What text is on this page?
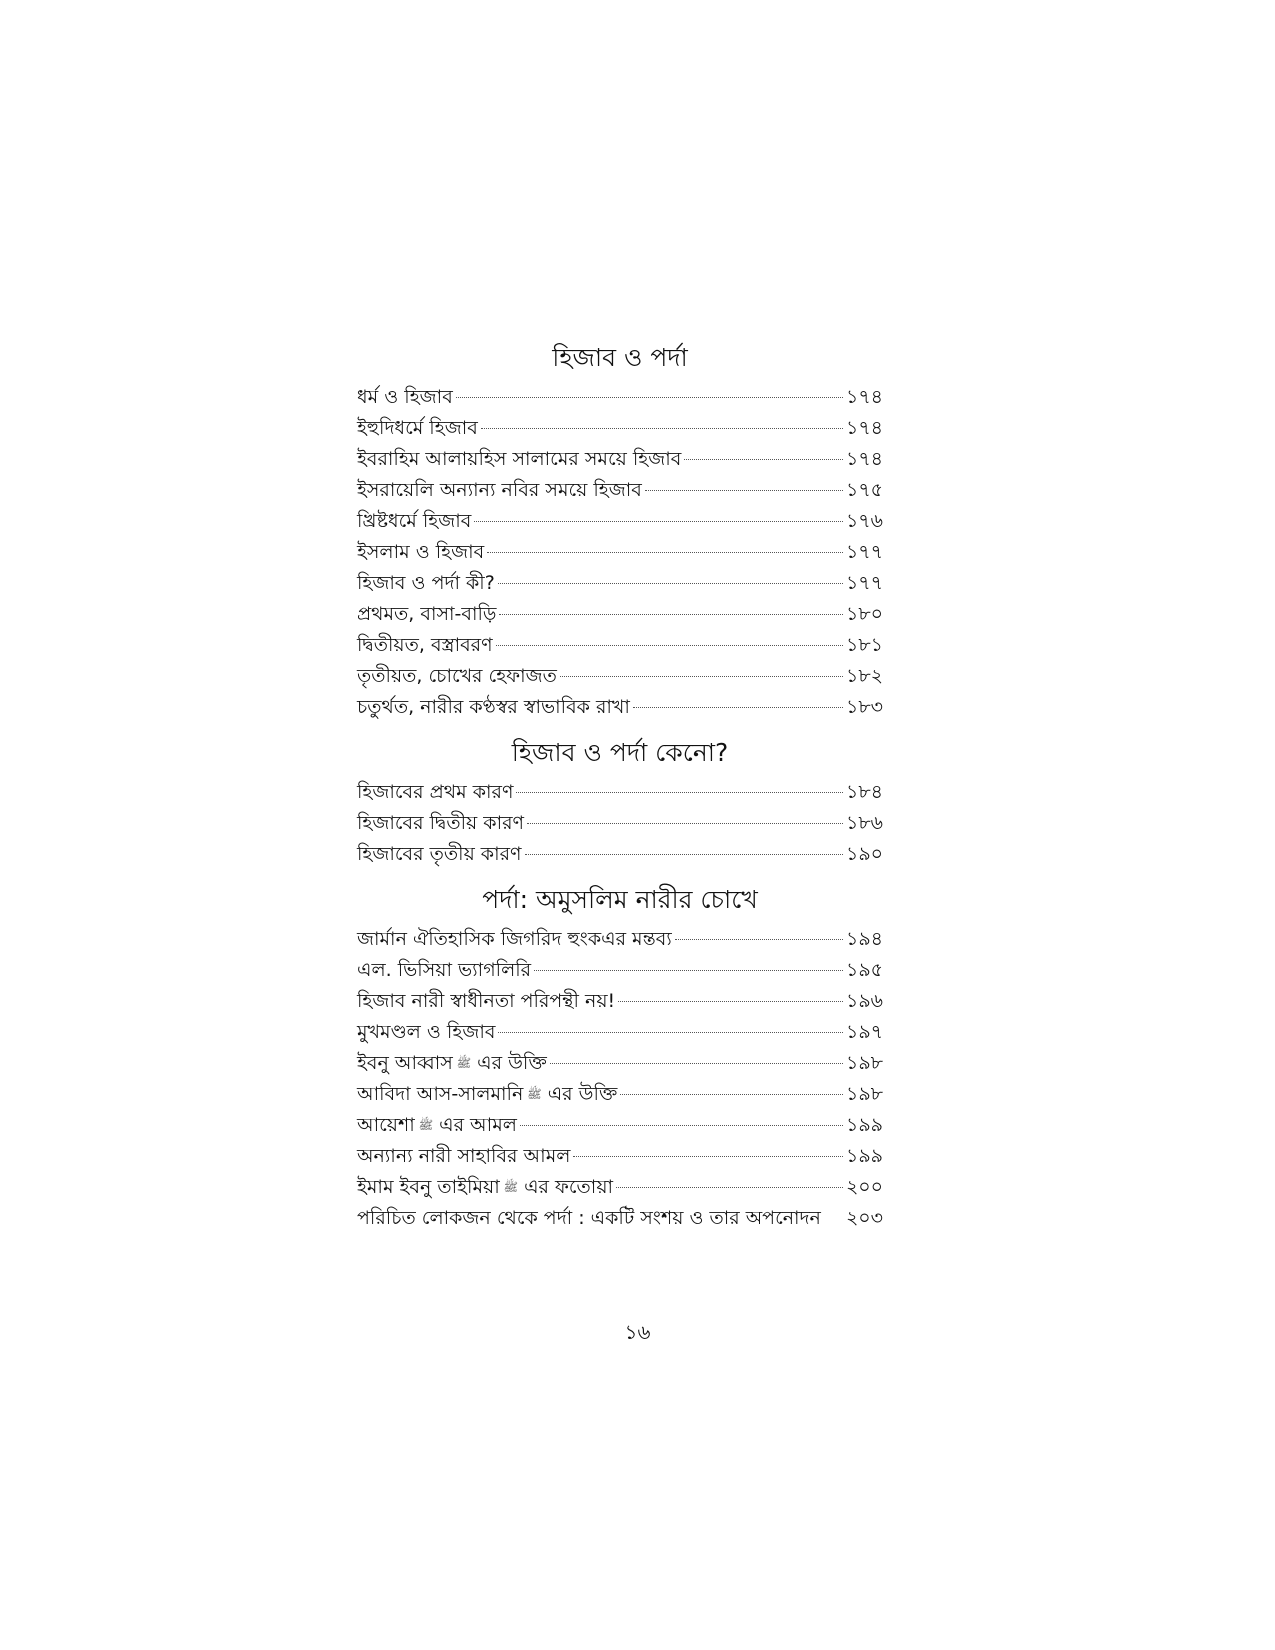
হিজাব ও পর্দা
ধর্ম ও হিজাব	১৭৪
ইহুদিধর্মে হিজাব	১৭৪
ইবরাহিম আলায়হিস সালামের সময়ে হিজাব	১৭৪
ইসরায়েলি অন্যান্য নবির সময়ে হিজাব	১৭৫
খ্রিষ্টধর্মে হিজাব	১৭৬
ইসলাম ও হিজাব	১৭৭
হিজাব ও পর্দা কী?	১৭৭
প্রথমত, বাসা-বাড়ি	১৮০
দ্বিতীয়ত, বস্ত্রাবরণ	১৮১
তৃতীয়ত, চোখের হেফাজত	১৮২
চতুর্থত, নারীর কণ্ঠস্বর স্বাভাবিক রাখা	১৮৩
হিজাব ও পর্দা কেনো?
হিজাবের প্রথম কারণ	১৮৪
হিজাবের দ্বিতীয় কারণ	১৮৬
হিজাবের তৃতীয় কারণ	১৯০
পর্দা: অমুসলিম নারীর চোখে
জার্মান ঐতিহাসিক জিগরিদ হুংকএর মন্তব্য	১৯৪
এল. ভিসিয়া ভ্যাগলিরি	১৯৫
হিজাব নারী স্বাধীনতা পরিপন্থী নয়!	১৯৬
মুখমণ্ডল ও হিজাব	১৯৭
ইবনু আব্বাস ﷺ এর উক্তি	১৯৮
আবিদা আস-সালমানি ﷺ এর উক্তি	১৯৮
আয়েশা ﷺ এর আমল	১৯৯
অন্যান্য নারী সাহাবির আমল	১৯৯
ইমাম ইবনু তাইমিয়া ﷺ এর ফতোয়া	২০০
পরিচিত লোকজন থেকে পর্দা : একটি সংশয় ও তার অপনোদন ২০৩
১৬
